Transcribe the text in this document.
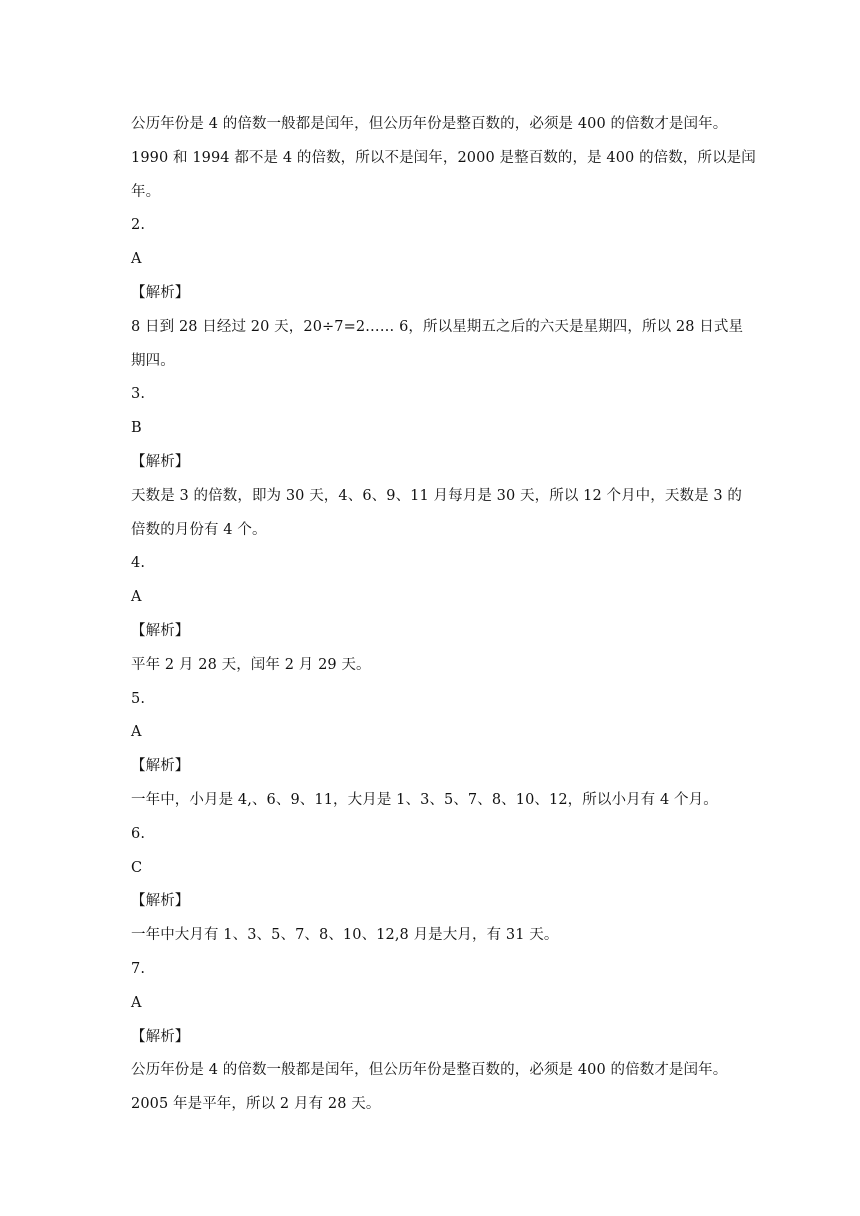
公历年份是 4 的倍数一般都是闰年，但公历年份是整百数的，必须是 400 的倍数才是闰年。
1990 和 1994 都不是 4 的倍数，所以不是闰年，2000 是整百数的，是 400 的倍数，所以是闰
年。
2.
A
【解析】
8 日到 28 日经过 20 天，20÷7=2…… 6，所以星期五之后的六天是星期四，所以 28 日式星
期四。
3.
B
【解析】
天数是 3 的倍数，即为 30 天，4、6、9、11 月每月是 30 天，所以 12 个月中，天数是 3 的
倍数的月份有 4 个。
4.
A
【解析】
平年 2 月 28 天，闰年 2 月 29 天。
5.
A
【解析】
一年中，小月是 4,、6、9、11，大月是 1、3、5、7、8、10、12，所以小月有 4 个月。
6.
C
【解析】
一年中大月有 1、3、5、7、8、10、12,8 月是大月，有 31 天。
7.
A
【解析】
公历年份是 4 的倍数一般都是闰年，但公历年份是整百数的，必须是 400 的倍数才是闰年。
2005 年是平年，所以 2 月有 28 天。
